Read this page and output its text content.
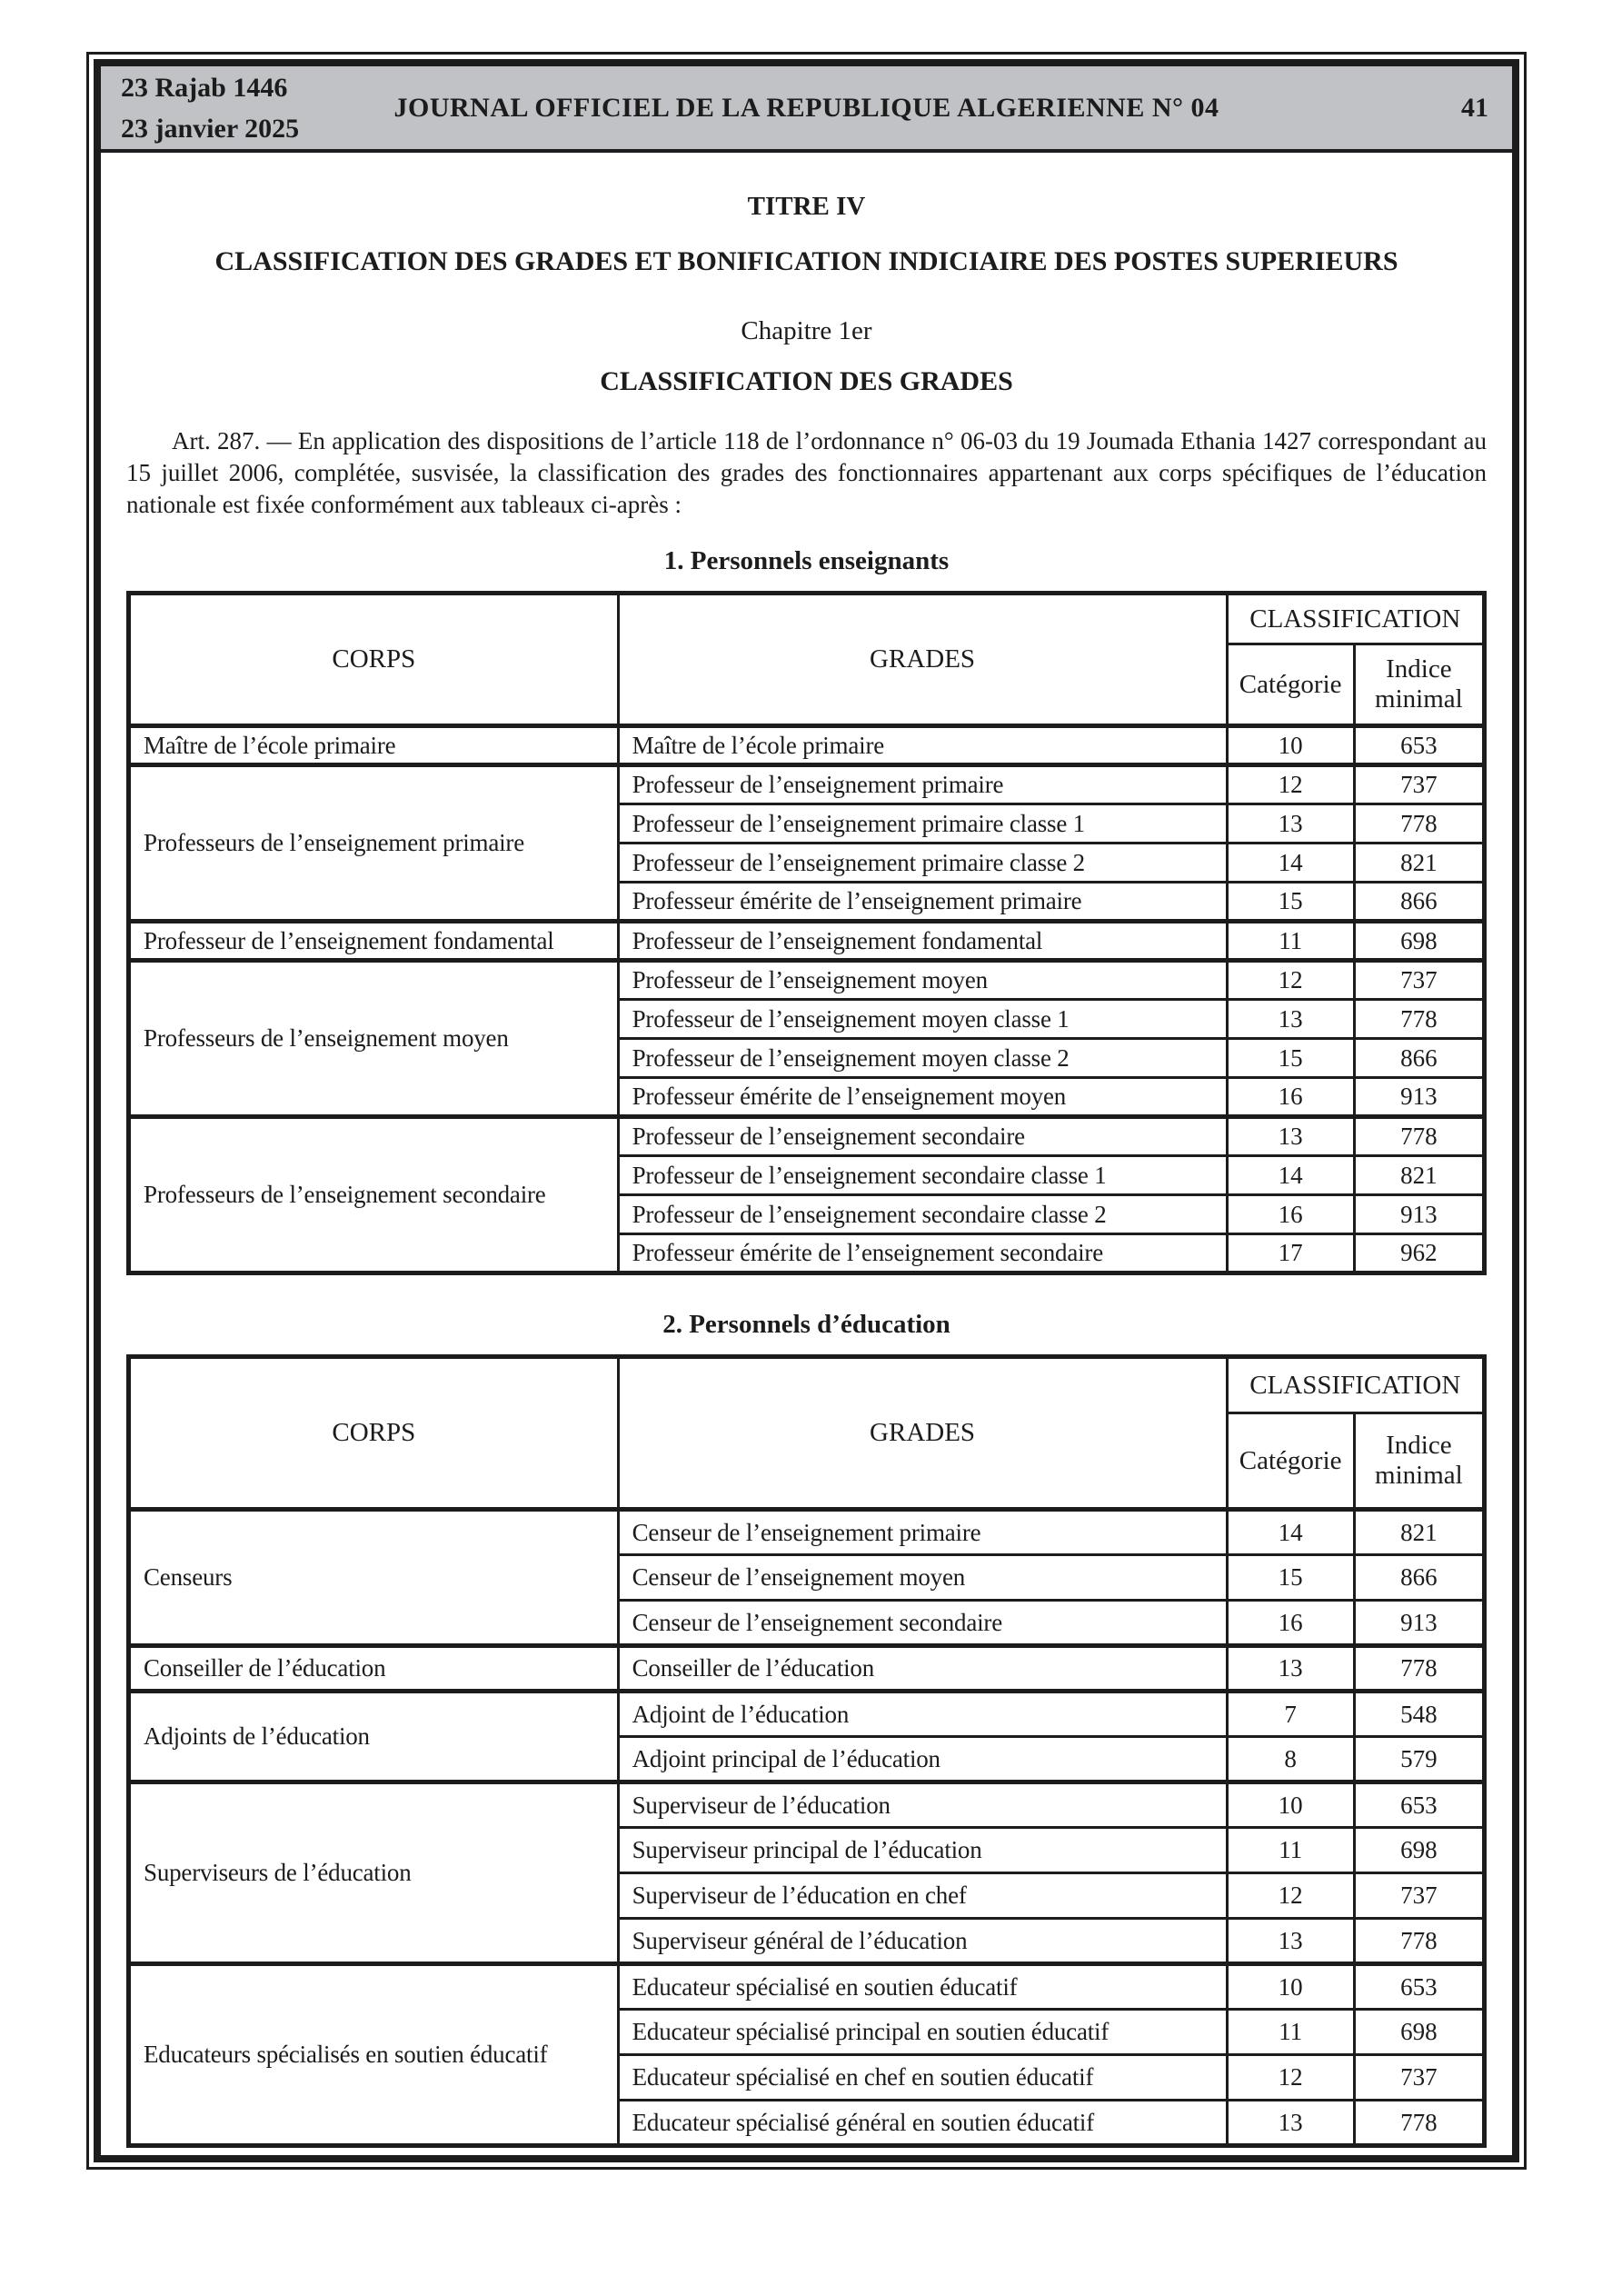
23 Rajab 1446
23 janvier 2025
JOURNAL OFFICIEL DE LA REPUBLIQUE ALGERIENNE N° 04	41
TITRE IV
CLASSIFICATION DES GRADES ET BONIFICATION INDICIAIRE DES POSTES SUPERIEURS
Chapitre 1er
CLASSIFICATION DES GRADES

Art. 287. — En application des dispositions de l’article 118 de l’ordonnance n° 06-03 du 19 Joumada Ethania 1427 correspondant au 15 juillet 2006, complétée, susvisée, la classification des grades des fonctionnaires appartenant aux corps spécifiques de l’éducation nationale est fixée conformément aux tableaux ci-après :

1. Personnels enseignants
CORPS	GRADES	CLASSIFICATION	
		Catégorie	Indice minimal
Maître de l’école primaire	Maître de l’école primaire	10	653
Professeurs de l’enseignement primaire	Professeur de l’enseignement primaire	12	737
	Professeur de l’enseignement primaire classe 1	13	778
	Professeur de l’enseignement primaire classe 2	14	821
	Professeur émérite de l’enseignement primaire	15	866
Professeur de l’enseignement fondamental	Professeur de l’enseignement fondamental	11	698
Professeurs de l’enseignement moyen	Professeur de l’enseignement moyen	12	737
	Professeur de l’enseignement moyen classe 1	13	778
	Professeur de l’enseignement moyen classe 2	15	866
	Professeur émérite de l’enseignement moyen	16	913
Professeurs de l’enseignement secondaire	Professeur de l’enseignement secondaire	13	778
	Professeur de l’enseignement secondaire classe 1	14	821
	Professeur de l’enseignement secondaire classe 2	16	913
	Professeur émérite de l’enseignement secondaire	17	962
2. Personnels d’éducation
CORPS	GRADES	CLASSIFICATION	
		Catégorie	Indice minimal
Censeurs	Censeur de l’enseignement primaire	14	821
	Censeur de l’enseignement moyen	15	866
	Censeur de l’enseignement secondaire	16	913
Conseiller de l’éducation	Conseiller de l’éducation	13	778
Adjoints de l’éducation	Adjoint de l’éducation	7	548
	Adjoint principal de l’éducation	8	579
Superviseurs de l’éducation	Superviseur de l’éducation	10	653
	Superviseur principal de l’éducation	11	698
	Superviseur de l’éducation en chef	12	737
	Superviseur général de l’éducation	13	778
Educateurs spécialisés en soutien éducatif	Educateur spécialisé en soutien éducatif	10	653
	Educateur spécialisé principal en soutien éducatif	11	698
	Educateur spécialisé en chef en soutien éducatif	12	737
	Educateur spécialisé général en soutien éducatif	13	778
